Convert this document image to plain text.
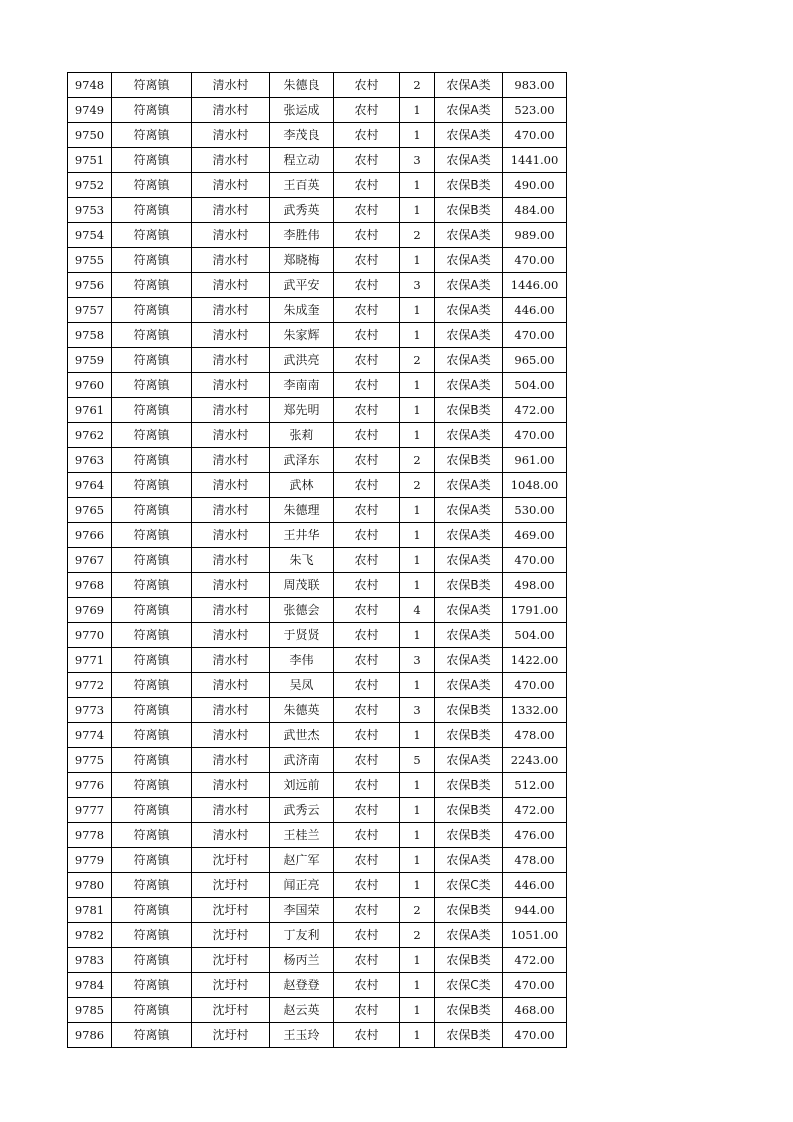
9748	符离镇	清水村	朱德良	农村	2	农保A类	983.00
9749	符离镇	清水村	张运成	农村	1	农保A类	523.00
9750	符离镇	清水村	李茂良	农村	1	农保A类	470.00
9751	符离镇	清水村	程立动	农村	3	农保A类	1441.00
9752	符离镇	清水村	王百英	农村	1	农保B类	490.00
9753	符离镇	清水村	武秀英	农村	1	农保B类	484.00
9754	符离镇	清水村	李胜伟	农村	2	农保A类	989.00
9755	符离镇	清水村	郑晓梅	农村	1	农保A类	470.00
9756	符离镇	清水村	武平安	农村	3	农保A类	1446.00
9757	符离镇	清水村	朱成奎	农村	1	农保A类	446.00
9758	符离镇	清水村	朱家辉	农村	1	农保A类	470.00
9759	符离镇	清水村	武洪亮	农村	2	农保A类	965.00
9760	符离镇	清水村	李南南	农村	1	农保A类	504.00
9761	符离镇	清水村	郑先明	农村	1	农保B类	472.00
9762	符离镇	清水村	张莉	农村	1	农保A类	470.00
9763	符离镇	清水村	武泽东	农村	2	农保B类	961.00
9764	符离镇	清水村	武林	农村	2	农保A类	1048.00
9765	符离镇	清水村	朱德理	农村	1	农保A类	530.00
9766	符离镇	清水村	王井华	农村	1	农保A类	469.00
9767	符离镇	清水村	朱飞	农村	1	农保A类	470.00
9768	符离镇	清水村	周茂联	农村	1	农保B类	498.00
9769	符离镇	清水村	张德会	农村	4	农保A类	1791.00
9770	符离镇	清水村	于贤贤	农村	1	农保A类	504.00
9771	符离镇	清水村	李伟	农村	3	农保A类	1422.00
9772	符离镇	清水村	吴凤	农村	1	农保A类	470.00
9773	符离镇	清水村	朱德英	农村	3	农保B类	1332.00
9774	符离镇	清水村	武世杰	农村	1	农保B类	478.00
9775	符离镇	清水村	武济南	农村	5	农保A类	2243.00
9776	符离镇	清水村	刘远前	农村	1	农保B类	512.00
9777	符离镇	清水村	武秀云	农村	1	农保B类	472.00
9778	符离镇	清水村	王桂兰	农村	1	农保B类	476.00
9779	符离镇	沈圩村	赵广军	农村	1	农保A类	478.00
9780	符离镇	沈圩村	闻正亮	农村	1	农保C类	446.00
9781	符离镇	沈圩村	李国荣	农村	2	农保B类	944.00
9782	符离镇	沈圩村	丁友利	农村	2	农保A类	1051.00
9783	符离镇	沈圩村	杨丙兰	农村	1	农保B类	472.00
9784	符离镇	沈圩村	赵登登	农村	1	农保C类	470.00
9785	符离镇	沈圩村	赵云英	农村	1	农保B类	468.00
9786	符离镇	沈圩村	王玉玲	农村	1	农保B类	470.00
